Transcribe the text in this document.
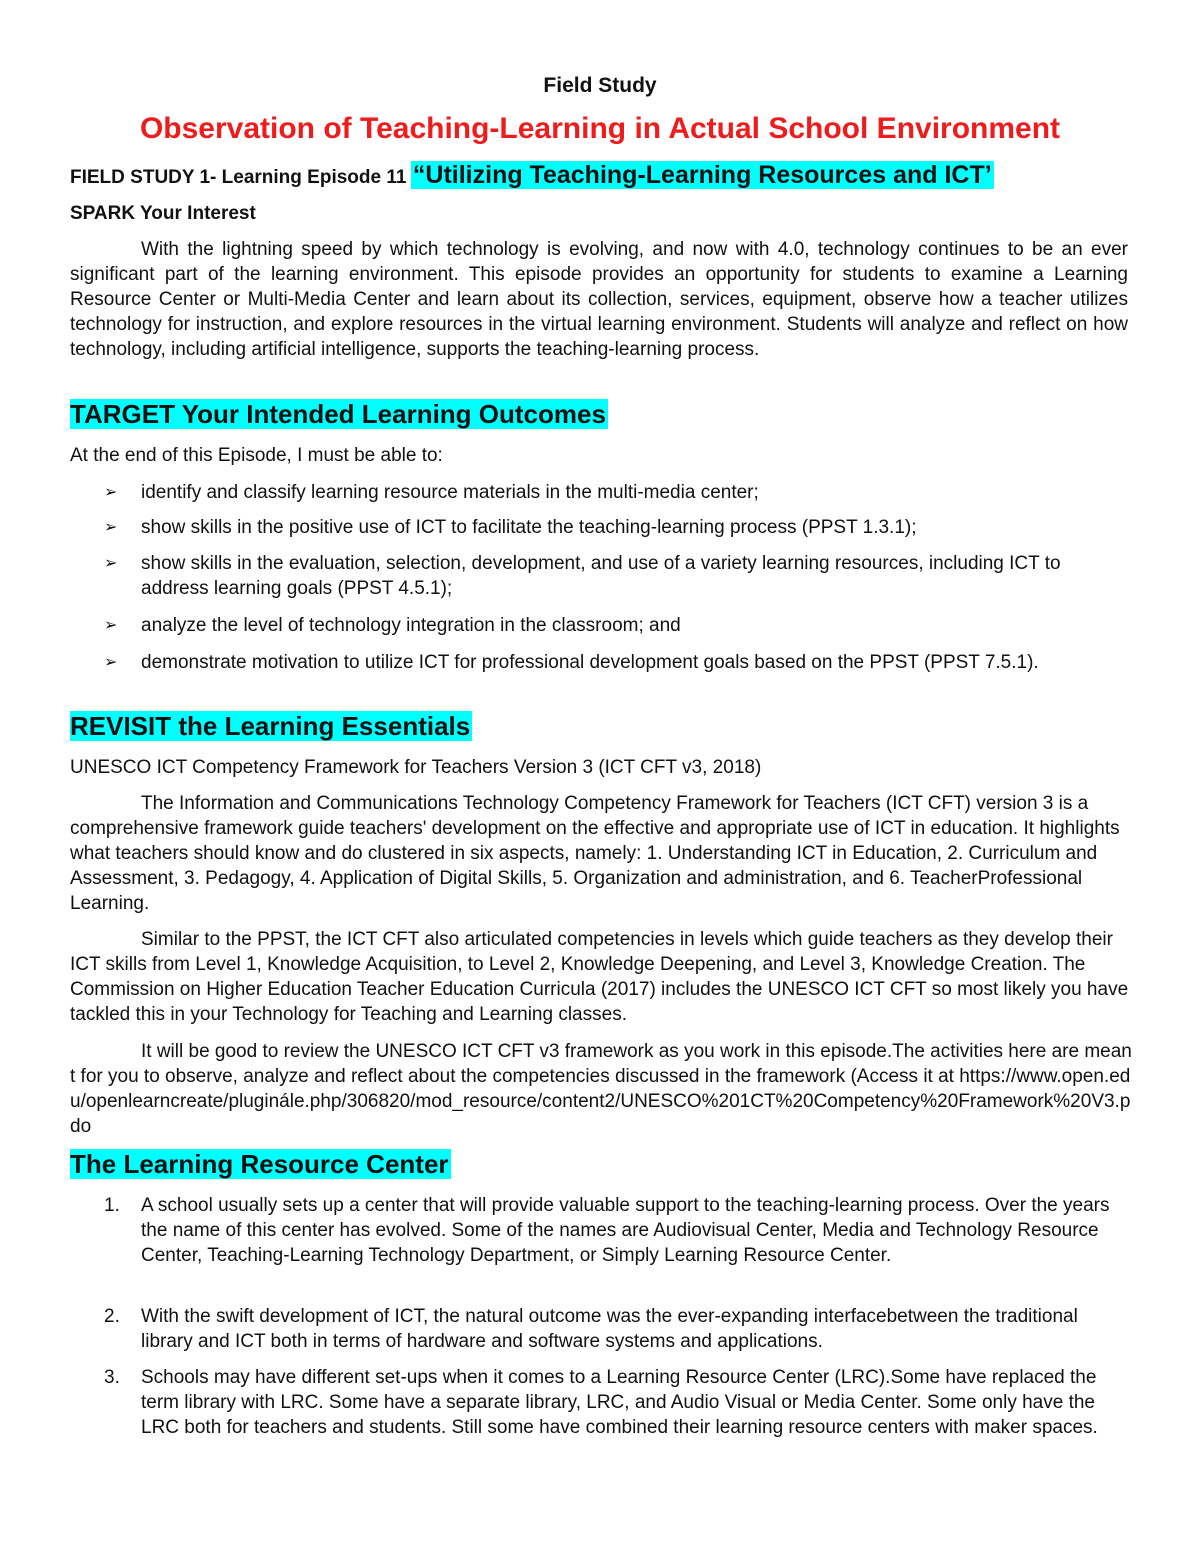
Field Study
Observation of Teaching-Learning in Actual School Environment
FIELD STUDY 1- Learning Episode 11 “Utilizing Teaching-Learning Resources and ICT’
SPARK Your Interest
With the lightning speed by which technology is evolving, and now with 4.0, technology continues to be an ever significant part of the learning environment. This episode provides an opportunity for students to examine a Learning Resource Center or Multi-Media Center and learn about its collection, services, equipment, observe how a teacher utilizes technology for instruction, and explore resources in the virtual learning environment. Students will analyze and reflect on how technology, including artificial intelligence, supports the teaching-learning process.
TARGET Your Intended Learning Outcomes
At the end of this Episode, I must be able to:
➢ identify and classify learning resource materials in the multi-media center;
➢ show skills in the positive use of ICT to facilitate the teaching-learning process (PPST 1.3.1);
➢ show skills in the evaluation, selection, development, and use of a variety learning resources, including ICT to address learning goals (PPST 4.5.1);
➢ analyze the level of technology integration in the classroom; and
➢ demonstrate motivation to utilize ICT for professional development goals based on the PPST (PPST 7.5.1).
REVISIT the Learning Essentials
UNESCO ICT Competency Framework for Teachers Version 3 (ICT CFT v3, 2018)
The Information and Communications Technology Competency Framework for Teachers (ICT CFT) version 3 is a comprehensive framework guide teachers' development on the effective and appropriate use of ICT in education. It highlights what teachers should know and do clustered in six aspects, namely: 1. Understanding ICT in Education, 2. Curriculum and Assessment, 3. Pedagogy, 4. Application of Digital Skills, 5. Organization and administration, and 6. TeacherProfessional Learning.
Similar to the PPST, the ICT CFT also articulated competencies in levels which guide teachers as they develop their ICT skills from Level 1, Knowledge Acquisition, to Level 2, Knowledge Deepening, and Level 3, Knowledge Creation. The Commission on Higher Education Teacher Education Curricula (2017) includes the UNESCO ICT CFT so most likely you have tackled this in your Technology for Teaching and Learning classes.
It will be good to review the UNESCO ICT CFT v3 framework as you work in this episode.The activities here are meant for you to observe, analyze and reflect about the competencies discussed in the framework (Access it at https://www.open.edu/openlearncreate/pluginále.php/306820/mod_resource/content2/UNESCO%201CT%20Competency%20Framework%20V3.pdo
The Learning Resource Center
1. A school usually sets up a center that will provide valuable support to the teaching-learning process. Over the years the name of this center has evolved. Some of the names are Audiovisual Center, Media and Technology Resource Center, Teaching-Learning Technology Department, or Simply Learning Resource Center.
2. With the swift development of ICT, the natural outcome was the ever-expanding interfacebetween the traditional library and ICT both in terms of hardware and software systems and applications.
3. Schools may have different set-ups when it comes to a Learning Resource Center (LRC).Some have replaced the term library with LRC. Some have a separate library, LRC, and Audio Visual or Media Center. Some only have the LRC both for teachers and students. Still some have combined their learning resource centers with maker spaces.
